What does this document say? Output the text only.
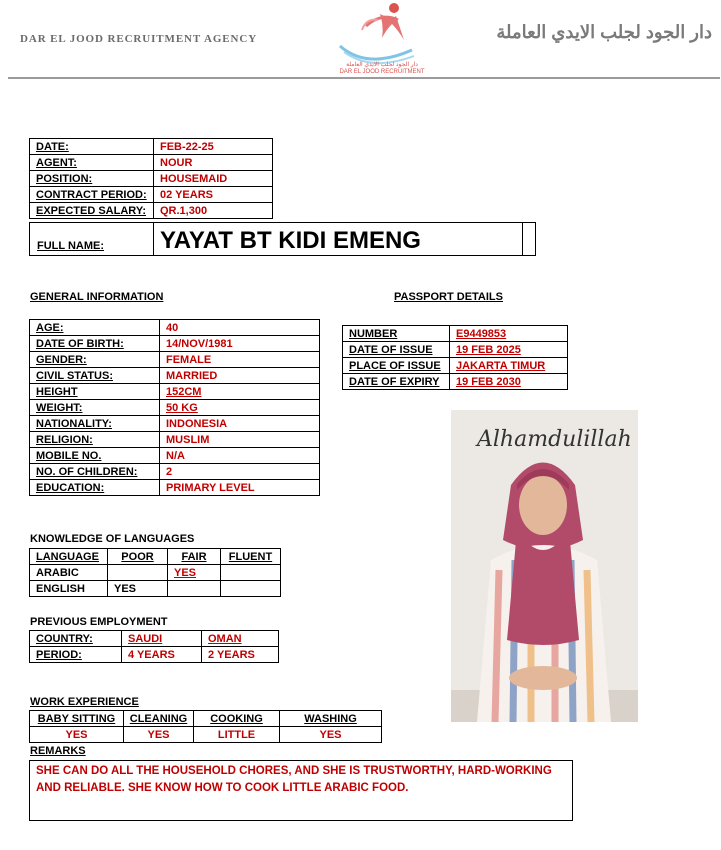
DAR EL JOOD RECRUITMENT AGENCY
دار الجود لجلب الايدي العاملة
DAR EL JOOD RECRUITMENT
دار الجود لجلب الايدي العاملة
DATE:	FEB-22-25
AGENT:	NOUR
POSITION:	HOUSEMAID
CONTRACT PERIOD:	02 YEARS
EXPECTED SALARY:	QR.1,300
FULL NAME: YAYAT BT KIDI EMENG
GENERAL INFORMATION
AGE:	40
DATE OF BIRTH:	14/NOV/1981
GENDER:	FEMALE
CIVIL STATUS:	MARRIED
HEIGHT	152CM
WEIGHT:	50 KG
NATIONALITY:	INDONESIA
RELIGION:	MUSLIM
MOBILE NO.	N/A
NO. OF CHILDREN:	2
EDUCATION:	PRIMARY LEVEL
PASSPORT DETAILS
NUMBER	E9449853
DATE OF ISSUE	19 FEB 2025
PLACE OF ISSUE	JAKARTA TIMUR
DATE OF EXPIRY	19 FEB 2030
Alhamdulillah
KNOWLEDGE OF LANGUAGES
LANGUAGE	POOR	FAIR	FLUENT
ARABIC		YES	
ENGLISH	YES		
PREVIOUS EMPLOYMENT
COUNTRY:	SAUDI	OMAN
PERIOD:	4 YEARS	2 YEARS
WORK EXPERIENCE
BABY SITTING	CLEANING	COOKING	WASHING
YES	YES	LITTLE	YES
REMARKS
SHE CAN DO ALL THE HOUSEHOLD CHORES, AND SHE IS TRUSTWORTHY, HARD-WORKING AND RELIABLE. SHE KNOW HOW TO COOK LITTLE ARABIC FOOD.
